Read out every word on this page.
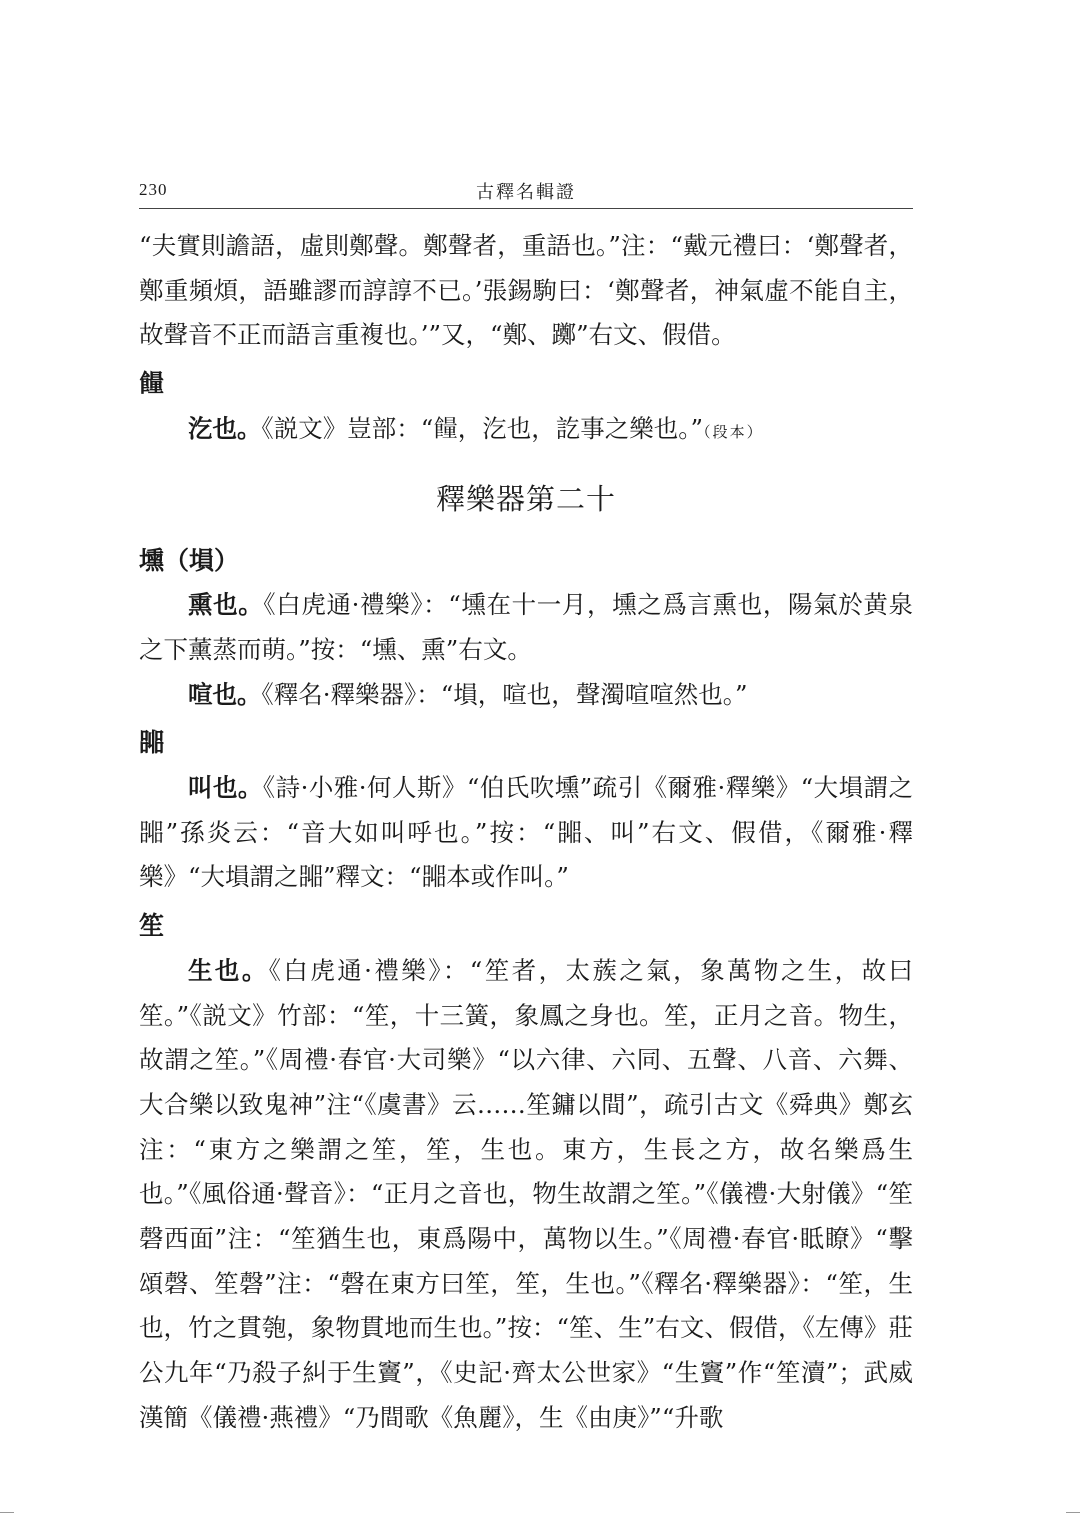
230	古釋名輯證

“夫實則譫語，虛則鄭聲。鄭聲者，重語也。”注：“戴元禮曰：‘鄭聲者，鄭重頻煩，語雖謬而諄諄不已。’張錫駒曰：‘鄭聲者，神氣虛不能自主，故聲音不正而語言重複也。’”又，“鄭、躑”右文、假借。

𩞯

汔也。《説文》豈部：“𩞯，汔也，訖事之樂也。”（段本）

釋樂器第二十

壎（塤）

熏也。《白虎通·禮樂》：“壎在十一月，壎之爲言熏也，陽氣於黄泉之下薰蒸而萌。”按：“壎、熏”右文。

喧也。《釋名·釋樂器》：“塤，喧也，聲濁喧喧然也。”

嘂

叫也。《詩·小雅·何人斯》“伯氏吹壎”疏引《爾雅·釋樂》“大塤謂之嘂”孫炎云：“音大如叫呼也。”按：“嘂、叫”右文、假借，《爾雅·釋樂》“大塤謂之嘂”釋文：“嘂本或作叫。”

笙

生也。《白虎通·禮樂》：“笙者，太蔟之氣，象萬物之生，故曰笙。”《説文》竹部：“笙，十三簧，象鳳之身也。笙，正月之音。物生，故謂之笙。”《周禮·春官·大司樂》“以六律、六同、五聲、八音、六舞、大合樂以致鬼神”注“《虞書》云……笙鏞以間”，疏引古文《舜典》鄭玄注：“東方之樂謂之笙，笙，生也。東方，生長之方，故名樂爲生也。”《風俗通·聲音》：“正月之音也，物生故謂之笙。”《儀禮·大射儀》“笙磬西面”注：“笙猶生也，東爲陽中，萬物以生。”《周禮·春官·眡瞭》“擊頌磬、笙磬”注：“磬在東方曰笙，笙，生也。”《釋名·釋樂器》：“笙，生也，竹之貫匏，象物貫地而生也。”按：“笙、生”右文、假借，《左傳》莊公九年“乃殺子糾于生竇”，《史記·齊太公世家》“生竇”作“笙瀆”；武威漢簡《儀禮·燕禮》“乃間歌《魚麗》，生《由庚》”“升歌
